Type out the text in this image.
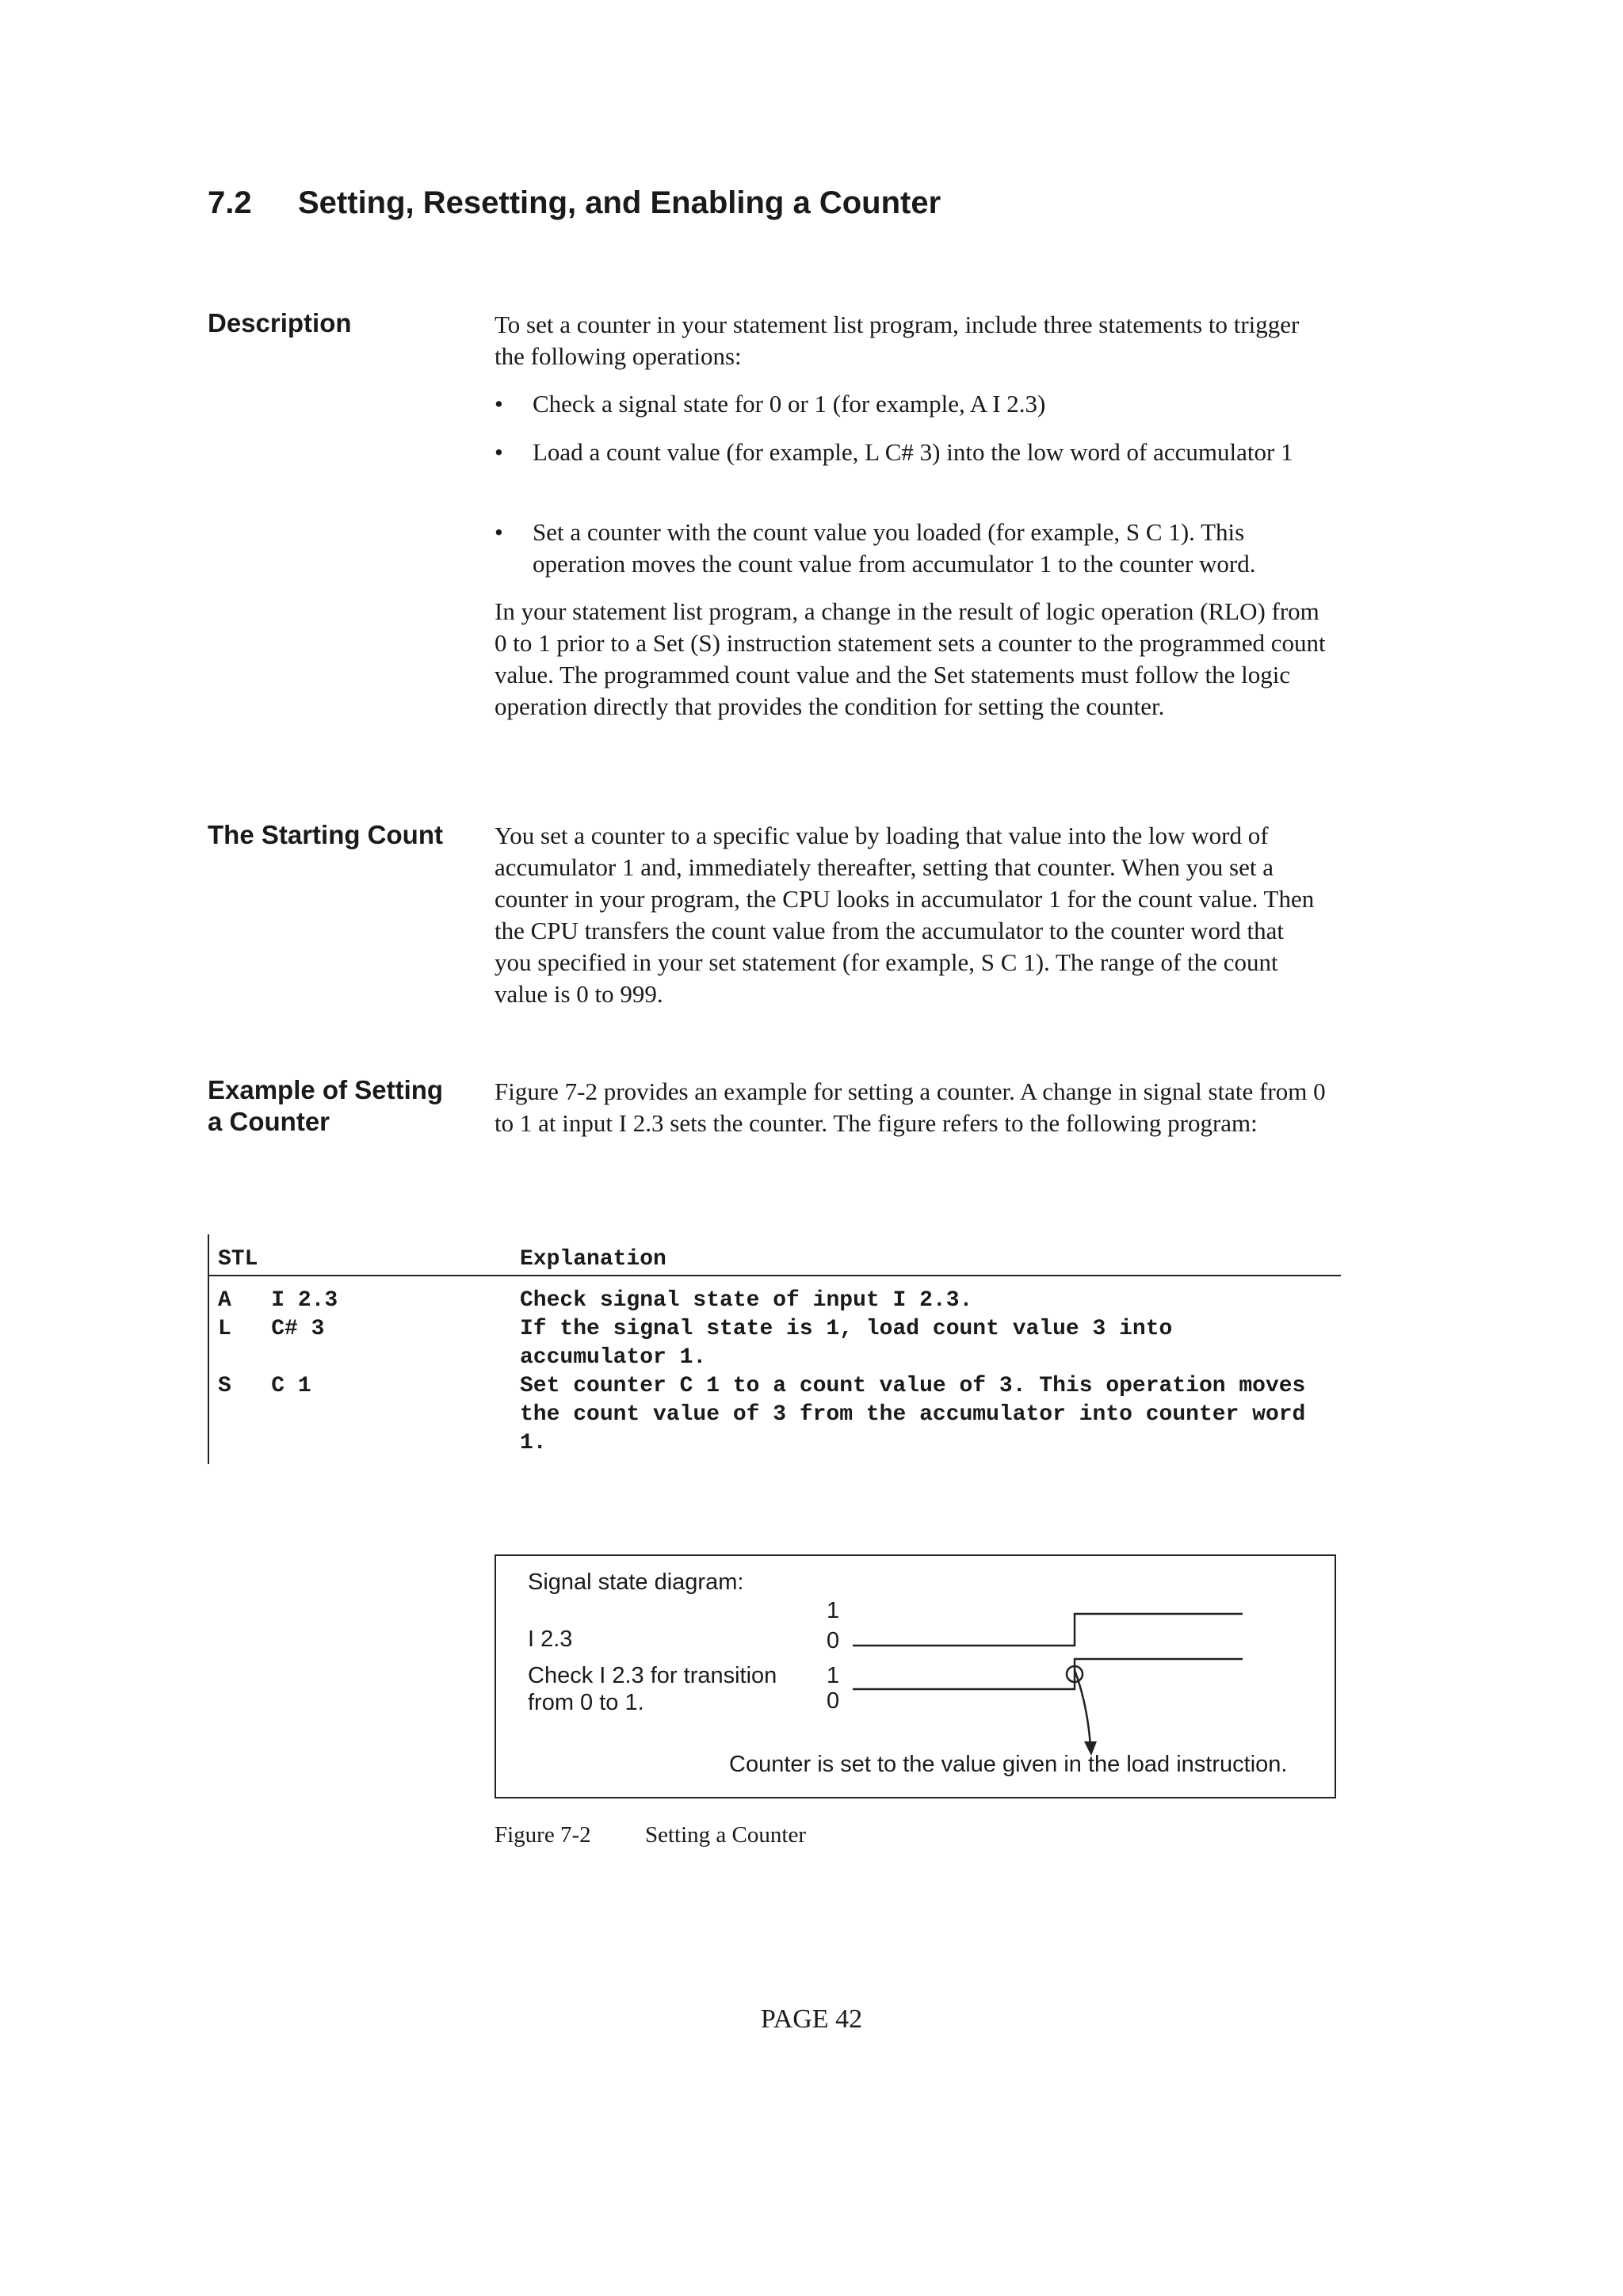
7.2 Setting, Resetting, and Enabling a Counter
Description	To set a counter in your statement list program, include three statements to trigger the following operations:

• Check a signal state for 0 or 1 (for example, A I 2.3)
• Load a count value (for example, L C# 3) into the low word of accumulator 1
• Set a counter with the count value you loaded (for example, S C 1). This operation moves the count value from accumulator 1 to the counter word.

In your statement list program, a change in the result of logic operation (RLO) from 0 to 1 prior to a Set (S) instruction statement sets a counter to the programmed count value. The programmed count value and the Set statements must follow the logic operation directly that provides the condition for setting the counter.

The Starting Count	You set a counter to a specific value by loading that value into the low word of accumulator 1 and, immediately thereafter, setting that counter. When you set a counter in your program, the CPU looks in accumulator 1 for the count value. Then the CPU transfers the count value from the accumulator to the counter word that you specified in your set statement (for example, S C 1). The range of the count value is 0 to 999.

Example of Setting
a Counter

Figure 7-2 provides an example for setting a counter. A change in signal state from 0 to 1 at input I 2.3 sets the counter. The figure refers to the following program:

STL	Explanation
A   I 2.3	Check signal state of input I 2.3.
L   C# 3	If the signal state is 1, load count value 3 into accumulator 1.
S   C 1	Set counter C 1 to a count value of 3. This operation moves the count value of 3 from the accumulator into counter word 1.
Signal state diagram:
1
I 2.3	0
Check I 2.3 for transition
from 0 to 1.
1
0
Counter is set to the value given in the load instruction.
Figure 7-2 Setting a Counter
PAGE 42
